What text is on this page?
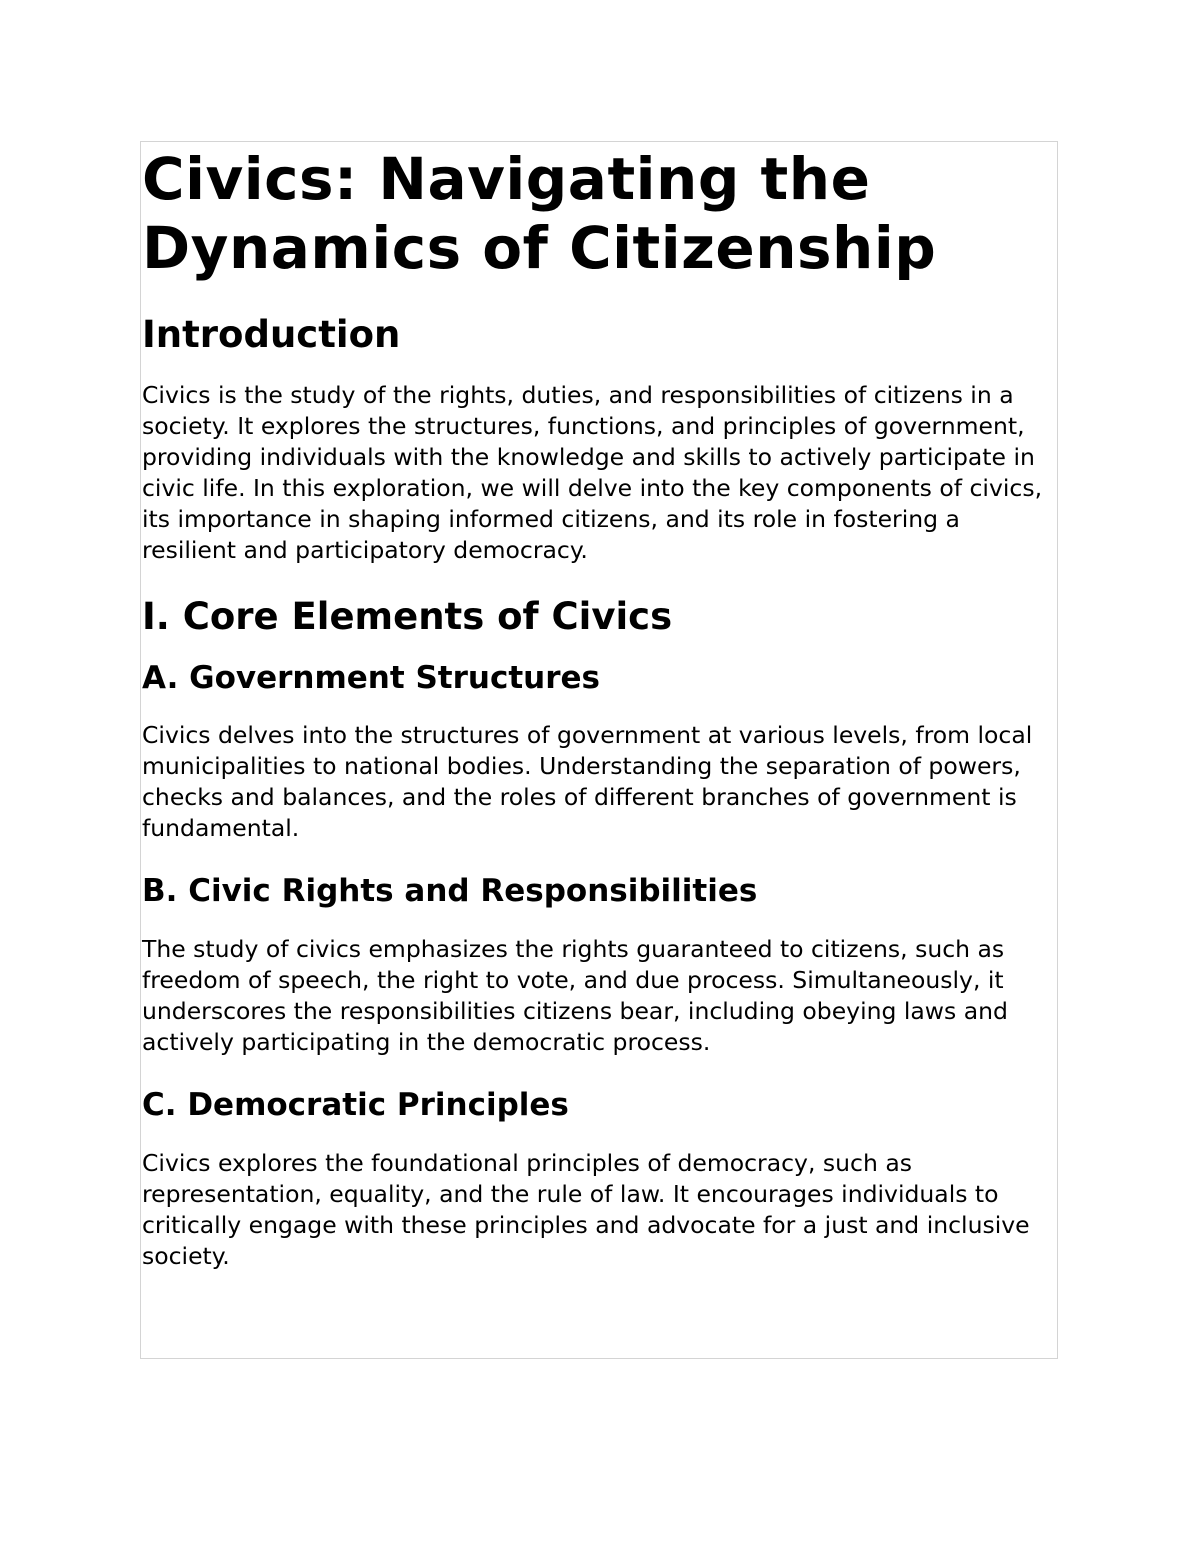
Civics: Navigating the Dynamics of Citizenship
Introduction

Civics is the study of the rights, duties, and responsibilities of citizens in a society. It explores the structures, functions, and principles of government, providing individuals with the knowledge and skills to actively participate in civic life. In this exploration, we will delve into the key components of civics, its importance in shaping informed citizens, and its role in fostering a resilient and participatory democracy.

I. Core Elements of Civics
A. Government Structures

Civics delves into the structures of government at various levels, from local municipalities to national bodies. Understanding the separation of powers, checks and balances, and the roles of different branches of government is fundamental.

B. Civic Rights and Responsibilities

The study of civics emphasizes the rights guaranteed to citizens, such as freedom of speech, the right to vote, and due process. Simultaneously, it underscores the responsibilities citizens bear, including obeying laws and actively participating in the democratic process.

C. Democratic Principles

Civics explores the foundational principles of democracy, such as representation, equality, and the rule of law. It encourages individuals to critically engage with these principles and advocate for a just and inclusive society.
